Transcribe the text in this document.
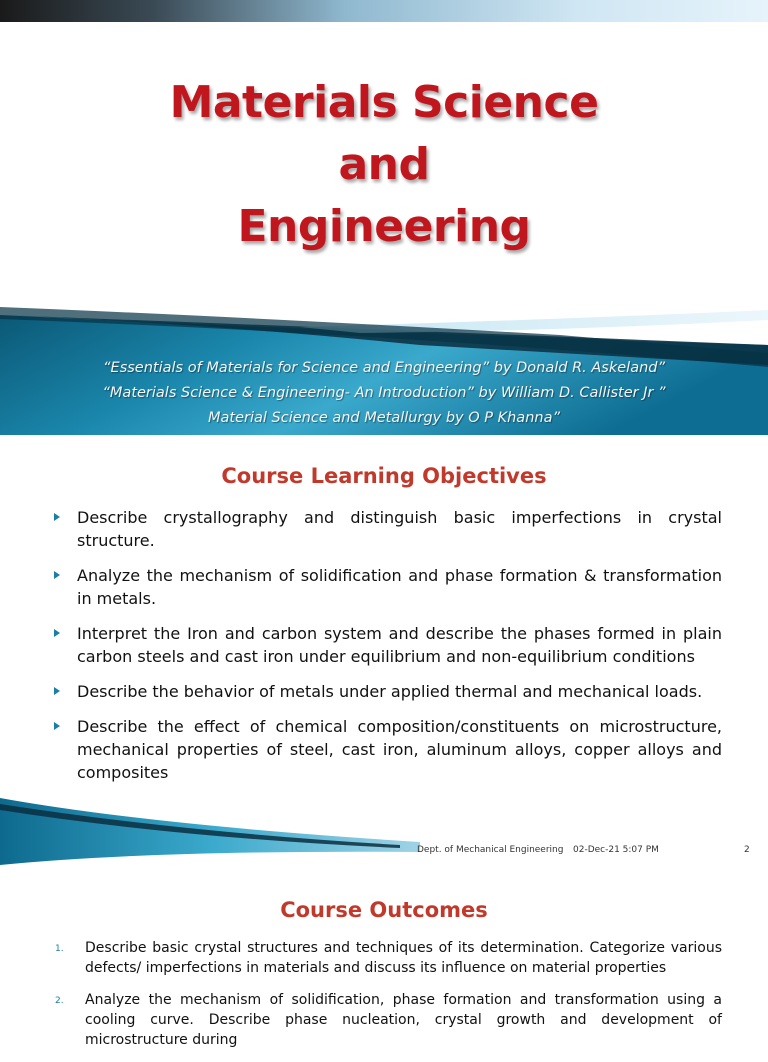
Materials Science
and
Engineering
“Essentials of Materials for Science and Engineering” by Donald R. Askeland”
“Materials Science & Engineering- An Introduction” by William D. Callister Jr ”
Material Science and Metallurgy by O P Khanna”
Course Learning Objectives
Describe crystallography and distinguish basic imperfections in crystal structure.
Analyze the mechanism of solidification and phase formation & transformation in metals.
Interpret the Iron and carbon system and describe the phases formed in plain carbon steels and cast iron under equilibrium and non-equilibrium conditions
Describe the behavior of metals under applied thermal and mechanical loads.
Describe the effect of chemical composition/constituents on microstructure, mechanical properties of steel, cast iron, aluminum alloys, copper alloys and composites
Dept. of Mechanical Engineering 02-Dec-21 5:07 PM	2
Course Outcomes
1. Describe basic crystal structures and techniques of its determination. Categorize various defects/ imperfections in materials and discuss its influence on material properties
2. Analyze the mechanism of solidification, phase formation and transformation using a cooling curve. Describe phase nucleation, crystal growth and development of microstructure during
